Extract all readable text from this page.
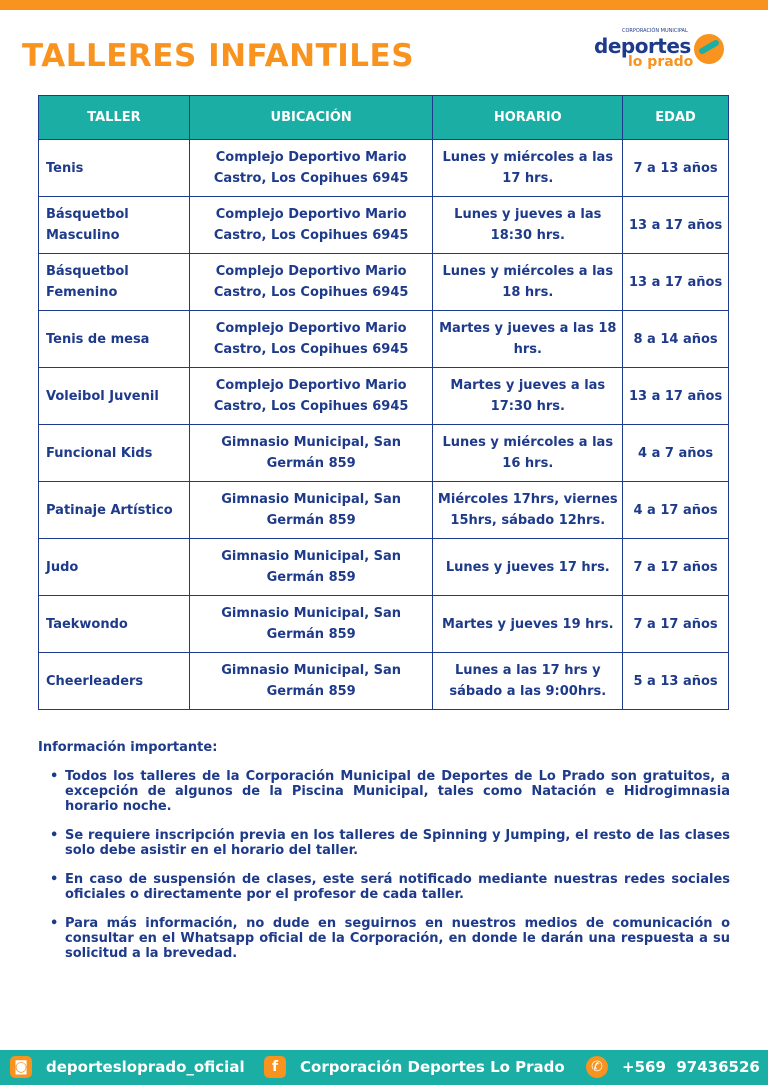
TALLERES INFANTILES
CORPORACIÓN MUNICIPAL
deportes
lo prado
TALLER	UBICACIÓN	HORARIO	EDAD
Tenis	Complejo Deportivo Mario Castro, Los Copihues 6945	Lunes y miércoles a las 17 hrs.	7 a 13 años
Básquetbol Masculino	Complejo Deportivo Mario Castro, Los Copihues 6945	Lunes y jueves a las 18:30 hrs.	13 a 17 años
Básquetbol Femenino	Complejo Deportivo Mario Castro, Los Copihues 6945	Lunes y miércoles a las 18 hrs.	13 a 17 años
Tenis de mesa	Complejo Deportivo Mario Castro, Los Copihues 6945	Martes y jueves a las 18 hrs.	8 a 14 años
Voleibol Juvenil	Complejo Deportivo Mario Castro, Los Copihues 6945	Martes y jueves a las 17:30 hrs.	13 a 17 años
Funcional Kids	Gimnasio Municipal, San Germán 859	Lunes y miércoles a las 16 hrs.	4 a 7 años
Patinaje Artístico	Gimnasio Municipal, San Germán 859	Miércoles 17hrs, viernes 15hrs, sábado 12hrs.	4 a 17 años
Judo	Gimnasio Municipal, San Germán 859	Lunes y jueves 17 hrs.	7 a 17 años
Taekwondo	Gimnasio Municipal, San Germán 859	Martes y jueves 19 hrs.	7 a 17 años
Cheerleaders	Gimnasio Municipal, San Germán 859	Lunes a las 17 hrs y sábado a las 9:00hrs.	5 a 13 años
Información importante:
• Todos los talleres de la Corporación Municipal de Deportes de Lo Prado son gratuitos, a excepción de algunos de la Piscina Municipal, tales como Natación e Hidrogimnasia horario noche.
• Se requiere inscripción previa en los talleres de Spinning y Jumping, el resto de las clases solo debe asistir en el horario del taller.
• En caso de suspensión de clases, este será notificado mediante nuestras redes sociales oficiales o directamente por el profesor de cada taller.
• Para más información, no dude en seguirnos en nuestros medios de comunicación o consultar en el Whatsapp oficial de la Corporación, en donde le darán una respuesta a su solicitud a la brevedad.
◙ deportesloprado_oficial	f	Corporación Deportes Lo Prado	✆	+569  97436526
